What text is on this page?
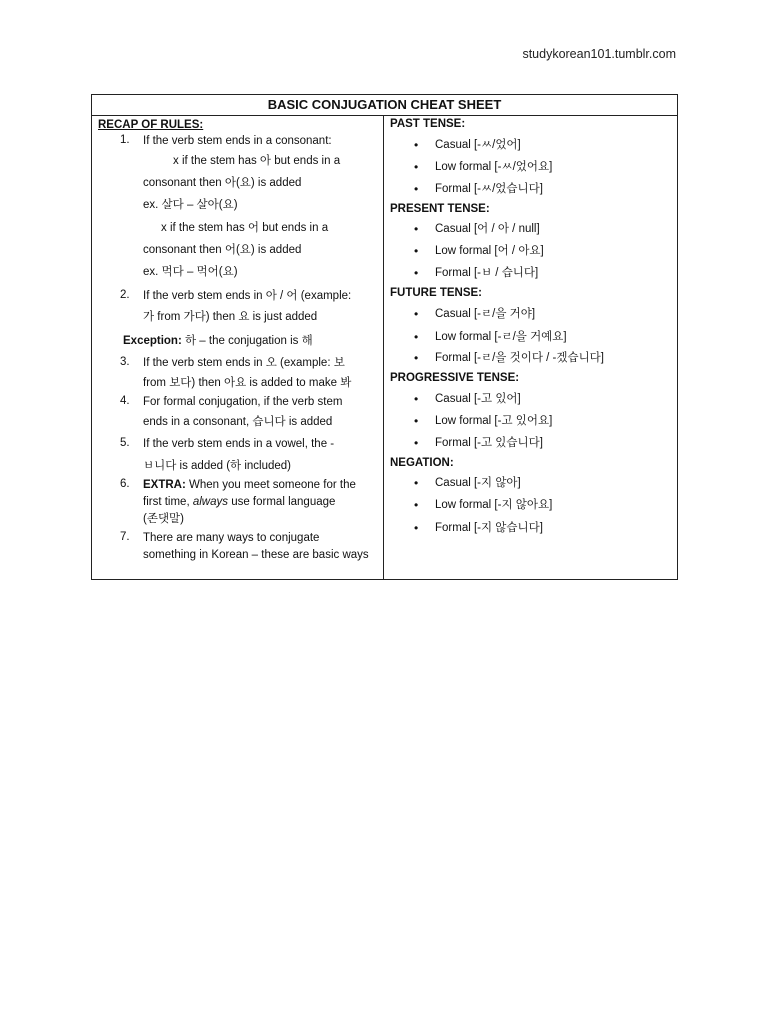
studykorean101.tumblr.com
BASIC CONJUGATION CHEAT SHEET
RECAP OF RULES:
1. If the verb stem ends in a consonant:
x if the stem has 아 but ends in a
consonant then 아(요) is added
ex. 살다 – 살아(요)
x if the stem has 어 but ends in a
consonant then 어(요) is added
ex. 먹다 – 먹어(요)
2. If the verb stem ends in 아 / 어 (example:
가 from 가다) then 요 is just added
Exception: 하 – the conjugation is 해
3. If the verb stem ends in 오 (example: 보
from 보다) then 아요 is added to make 봐
4. For formal conjugation, if the verb stem
ends in a consonant, 습니다 is added
5. If the verb stem ends in a vowel, the -
ㅂ니다 is added (하 included)
6. EXTRA: When you meet someone for the
first time, always use formal language
(존댓말)
7. There are many ways to conjugate
something in Korean – these are basic ways
PAST TENSE:
• Casual [-ㅆ/었어]
• Low formal [-ㅆ/었어요]
• Formal [-ㅆ/었습니다]
PRESENT TENSE:
• Casual [어 / 아 / null]
• Low formal [어 / 아요]
• Formal [-ㅂ / 습니다]
FUTURE TENSE:
• Casual [-ㄹ/을 거야]
• Low formal [-ㄹ/을 거예요]
• Formal [-ㄹ/을 것이다 / -겠습니다]
PROGRESSIVE TENSE:
• Casual [-고 있어]
• Low formal [-고 있어요]
• Formal [-고 있습니다]
NEGATION:
• Casual [-지 않아]
• Low formal [-지 않아요]
• Formal [-지 않습니다]
